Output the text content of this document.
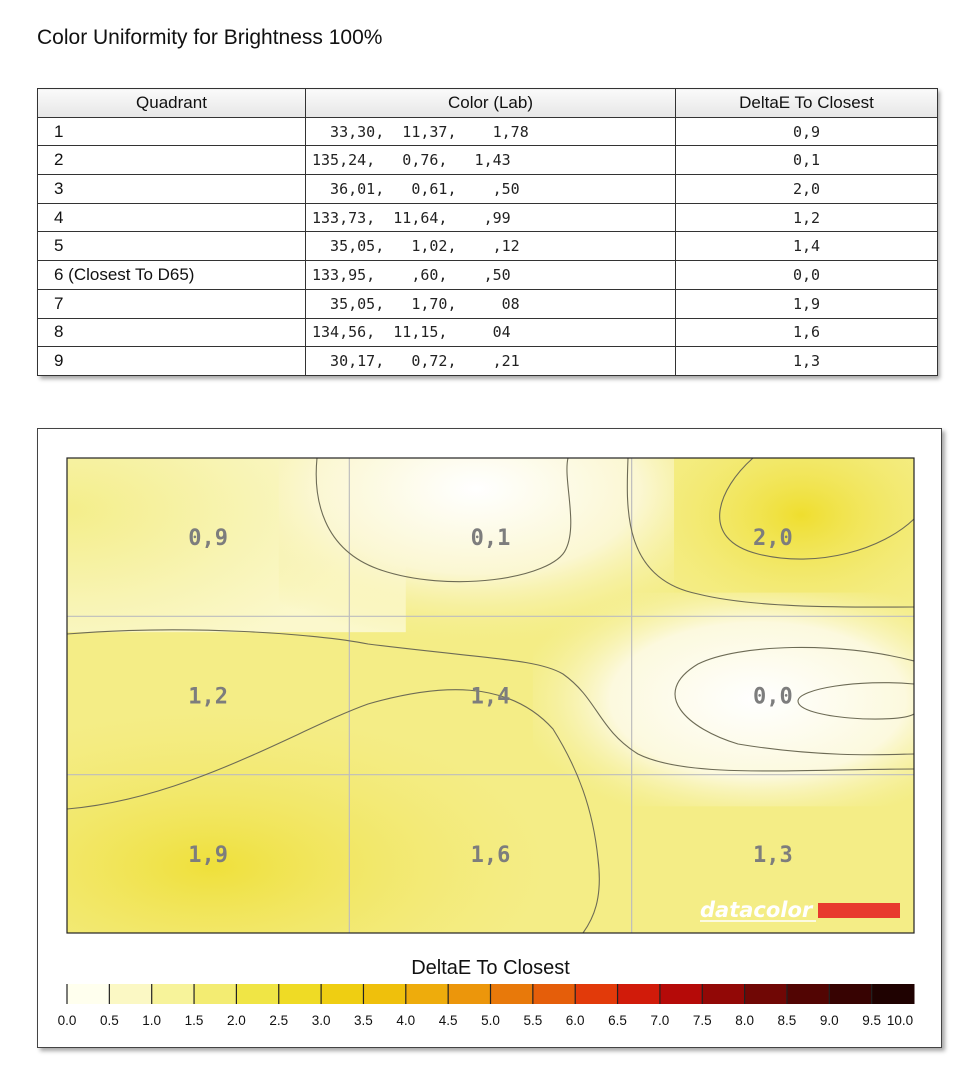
Color Uniformity for Brightness 100%
Quadrant	Color (Lab)	DeltaE To Closest
1	33,30,  11,37,    1,78	0,9
2	135,24,   0,76,   1,43	0,1
3	36,01,   0,61,    ,50	2,0
4	133,73,  11,64,    ,99	1,2
5	35,05,   1,02,    ,12	1,4
6 (Closest To D65)	133,95,    ,60,    ,50	0,0
7	35,05,   1,70,     08	1,9
8	134,56,  11,15,     04	1,6
9	30,17,   0,72,    ,21	1,3
0,9	0,1	2,0
1,2	1,4	0,0
1,9	1,6	1,3
datacolor
DeltaE To Closest
0.0 0.5 1.0 1.5 2.0 2.5 3.0 3.5 4.0 4.5 5.0 5.5 6.0 6.5 7.0 7.5 8.0 8.5 9.0 9.5 10.0
